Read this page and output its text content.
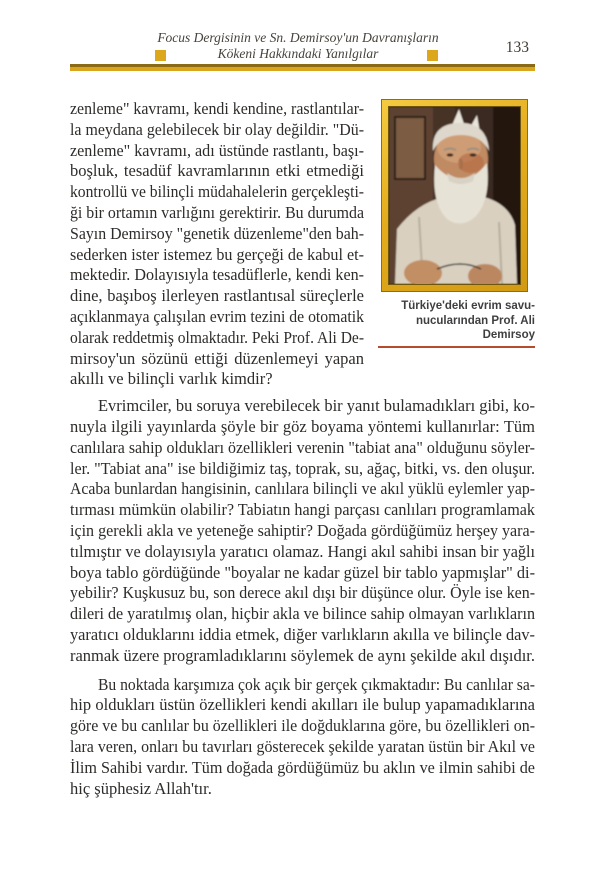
Focus Dergisinin ve Sn. Demirsoy'un Davranışların
Kökeni Hakkındaki Yanılgılar	133
zenleme" kavramı, kendi kendine, rastlantılar-
la meydana gelebilecek bir olay değildir. "Dü-
zenleme" kavramı, adı üstünde rastlantı, başı-
boşluk, tesadüf kavramlarının etki etmediği
kontrollü ve bilinçli müdahalelerin gerçekleşti-
ği bir ortamın varlığını gerektirir. Bu durumda
Sayın Demirsoy "genetik düzenleme"den bah-
sederken ister istemez bu gerçeği de kabul et-
mektedir. Dolayısıyla tesadüflerle, kendi ken-
dine, başıboş ilerleyen rastlantısal süreçlerle
açıklanmaya çalışılan evrim tezini de otomatik
olarak reddetmiş olmaktadır. Peki Prof. Ali De-
mirsoy'un sözünü ettiği düzenlemeyi yapan
akıllı ve bilinçli varlık kimdir?
Türkiye'deki evrim savu-
nucularından Prof. Ali
Demirsoy
Evrimciler, bu soruya verebilecek bir yanıt bulamadıkları gibi, ko-
nuyla ilgili yayınlarda şöyle bir göz boyama yöntemi kullanırlar: Tüm
canlılara sahip oldukları özellikleri verenin "tabiat ana" olduğunu söyler-
ler. "Tabiat ana" ise bildiğimiz taş, toprak, su, ağaç, bitki, vs. den oluşur.
Acaba bunlardan hangisinin, canlılara bilinçli ve akıl yüklü eylemler yap-
tırması mümkün olabilir? Tabiatın hangi parçası canlıları programlamak
için gerekli akla ve yeteneğe sahiptir? Doğada gördüğümüz herşey yara-
tılmıştır ve dolayısıyla yaratıcı olamaz. Hangi akıl sahibi insan bir yağlı
boya tablo gördüğünde "boyalar ne kadar güzel bir tablo yapmışlar" di-
yebilir? Kuşkusuz bu, son derece akıl dışı bir düşünce olur. Öyle ise ken-
dileri de yaratılmış olan, hiçbir akla ve bilince sahip olmayan varlıkların
yaratıcı olduklarını iddia etmek, diğer varlıkların akılla ve bilinçle dav-
ranmak üzere programladıklarını söylemek de aynı şekilde akıl dışıdır.
Bu noktada karşımıza çok açık bir gerçek çıkmaktadır: Bu canlılar sa-
hip oldukları üstün özellikleri kendi akılları ile bulup yapamadıklarına
göre ve bu canlılar bu özellikleri ile doğduklarına göre, bu özellikleri on-
lara veren, onları bu tavırları gösterecek şekilde yaratan üstün bir Akıl ve
İlim Sahibi vardır. Tüm doğada gördüğümüz bu aklın ve ilmin sahibi de
hiç şüphesiz Allah'tır.
